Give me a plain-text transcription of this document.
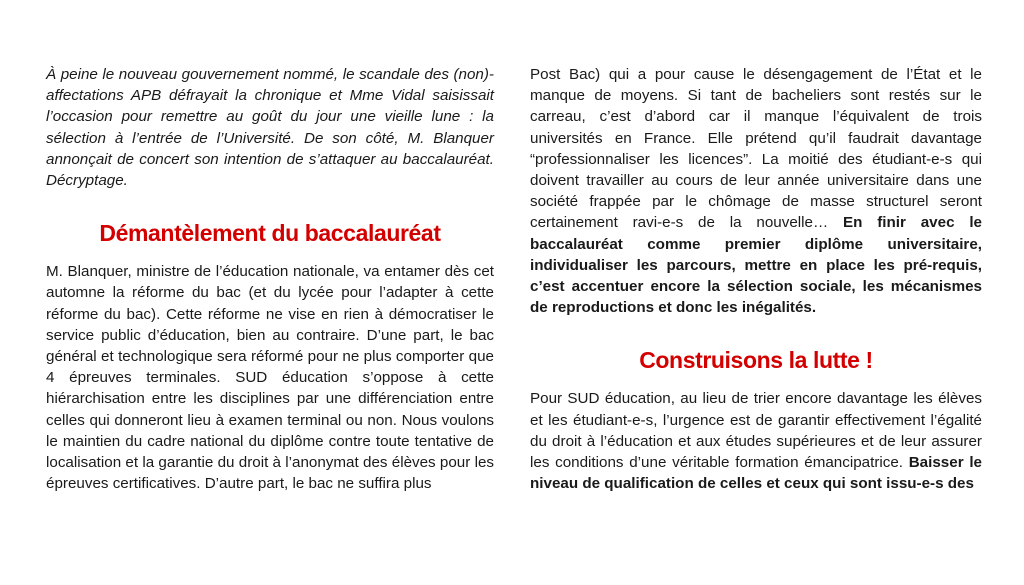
À peine le nouveau gouvernement nommé, le scandale des (non)-affectations APB défrayait la chronique et Mme Vidal saisissait l’occasion pour remettre au goût du jour une vieille lune : la sélection à l’entrée de l’Université. De son côté, M. Blanquer annonçait de concert son intention de s’attaquer au baccalauréat. Décryptage.

Démantèlement du baccalauréat

M. Blanquer, ministre de l’éducation nationale, va entamer dès cet automne la réforme du bac (et du lycée pour l’adapter à cette réforme du bac). Cette réforme ne vise en rien à démocratiser le service public d’éducation, bien au contraire. D’une part, le bac général et technologique sera réformé pour ne plus comporter que 4 épreuves terminales. SUD éducation s’oppose à cette hiérarchisation entre les disciplines par une différenciation entre celles qui donneront lieu à examen terminal ou non. Nous voulons le maintien du cadre national du diplôme contre toute tentative de localisation et la garantie du droit à l’anonymat des élèves pour les épreuves certificatives. D’autre part, le bac ne suffira plus

Post Bac) qui a pour cause le désengagement de l’État et le manque de moyens. Si tant de bacheliers sont restés sur le carreau, c’est d’abord car il manque l’équivalent de trois universités en France. Elle prétend qu’il faudrait davantage “professionnaliser les licences”. La moitié des étudiant-e-s qui doivent travailler au cours de leur année universitaire dans une société frappée par le chômage de masse structurel seront certainement ravi-e-s de la nouvelle… En finir avec le baccalauréat comme premier diplôme universitaire, individualiser les parcours, mettre en place les pré-requis, c’est accentuer encore la sélection sociale, les mécanismes de reproductions et donc les inégalités.

Construisons la lutte !

Pour SUD éducation, au lieu de trier encore davantage les élèves et les étudiant-e-s, l’urgence est de garantir effectivement l’égalité du droit à l’éducation et aux études supérieures et de leur assurer les conditions d’une véritable formation émancipatrice. Baisser le niveau de qualification de celles et ceux qui sont issu-e-s des
